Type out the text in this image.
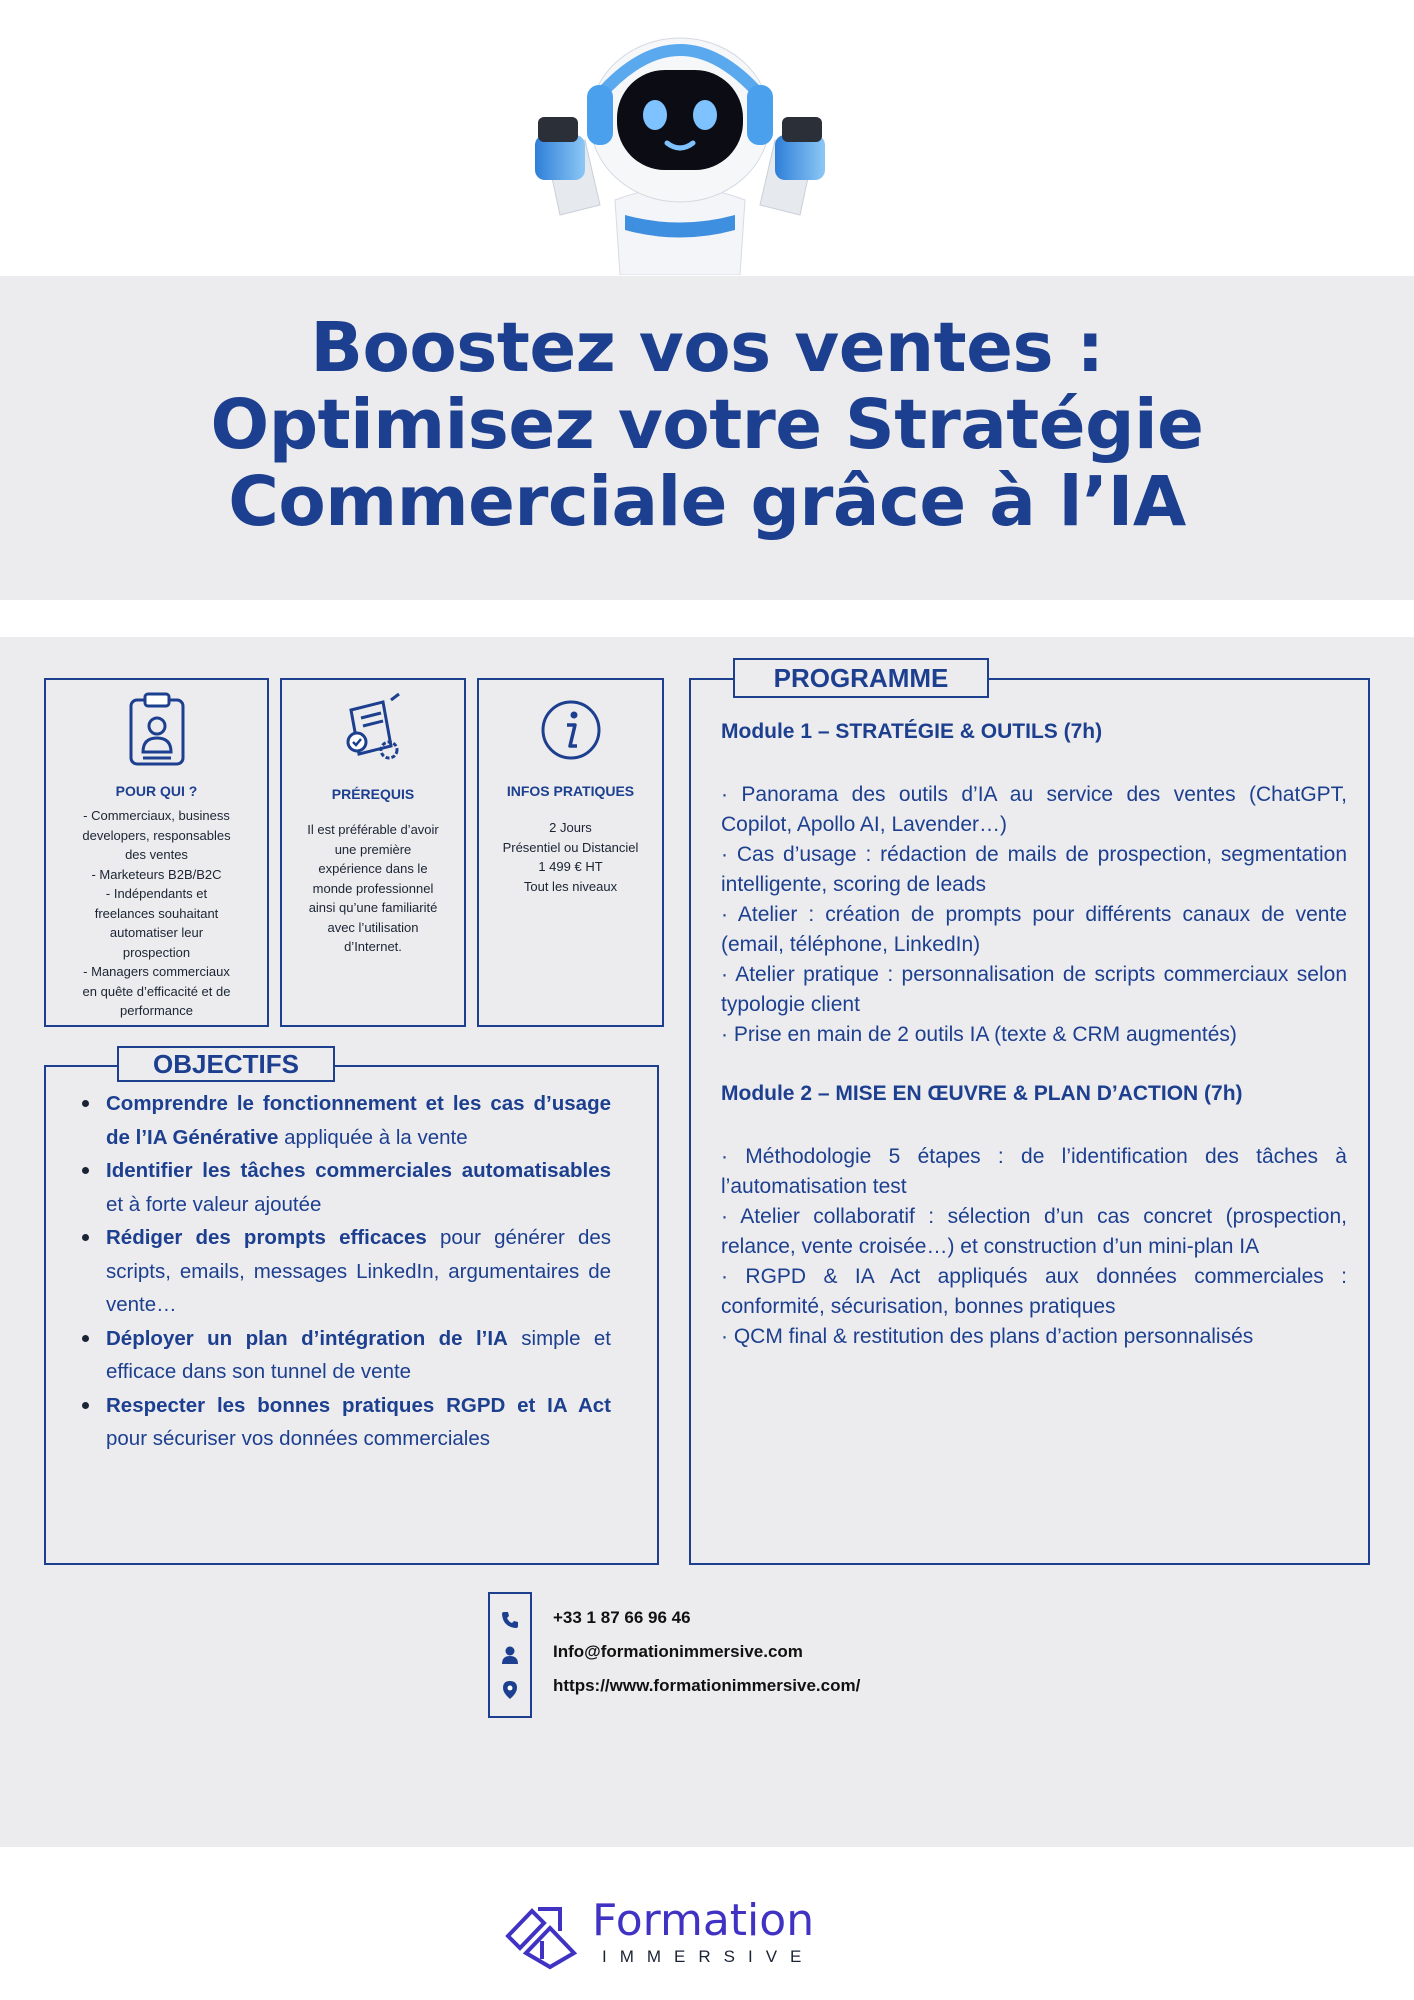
Boostez vos ventes :
Optimisez votre Stratégie
Commerciale grâce à l’IA
POUR QUI ?
- Commerciaux, business
developers, responsables
des ventes
- Marketeurs B2B/B2C
- Indépendants et
freelances souhaitant
automatiser leur
prospection
- Managers commerciaux
en quête d’efficacité et de
performance
PRÉREQUIS
Il est préférable d’avoir
une première
expérience dans le
monde professionnel
ainsi qu’une familiarité
avec l’utilisation
d’Internet.
INFOS PRATIQUES
2 Jours
Présentiel ou Distanciel
1 499 € HT
Tout les niveaux
OBJECTIFS
Comprendre le fonctionnement et les cas d’usage de l’IA Générative appliquée à la vente
Identifier les tâches commerciales automatisables et à forte valeur ajoutée
Rédiger des prompts efficaces pour générer des scripts, emails, messages LinkedIn, argumentaires de vente…
Déployer un plan d’intégration de l’IA simple et efficace dans son tunnel de vente
Respecter les bonnes pratiques RGPD et IA Act pour sécuriser vos données commerciales
PROGRAMME
Module 1 – STRATÉGIE & OUTILS (7h)
· Panorama des outils d’IA au service des ventes (ChatGPT, Copilot, Apollo AI, Lavender…)
· Cas d’usage : rédaction de mails de prospection, segmentation intelligente, scoring de leads
· Atelier : création de prompts pour différents canaux de vente (email, téléphone, LinkedIn)
· Atelier pratique : personnalisation de scripts commerciaux selon typologie client
· Prise en main de 2 outils IA (texte & CRM augmentés)
Module 2 – MISE EN ŒUVRE & PLAN D’ACTION (7h)
· Méthodologie 5 étapes : de l’identification des tâches à l’automatisation test
· Atelier collaboratif : sélection d’un cas concret (prospection, relance, vente croisée…) et construction d’un mini-plan IA
· RGPD & IA Act appliqués aux données commerciales : conformité, sécurisation, bonnes pratiques
· QCM final & restitution des plans d’action personnalisés
+33 1 87 66 96 46
Info@formationimmersive.com
https://www.formationimmersive.com/
Formation
IMMERSIVE
